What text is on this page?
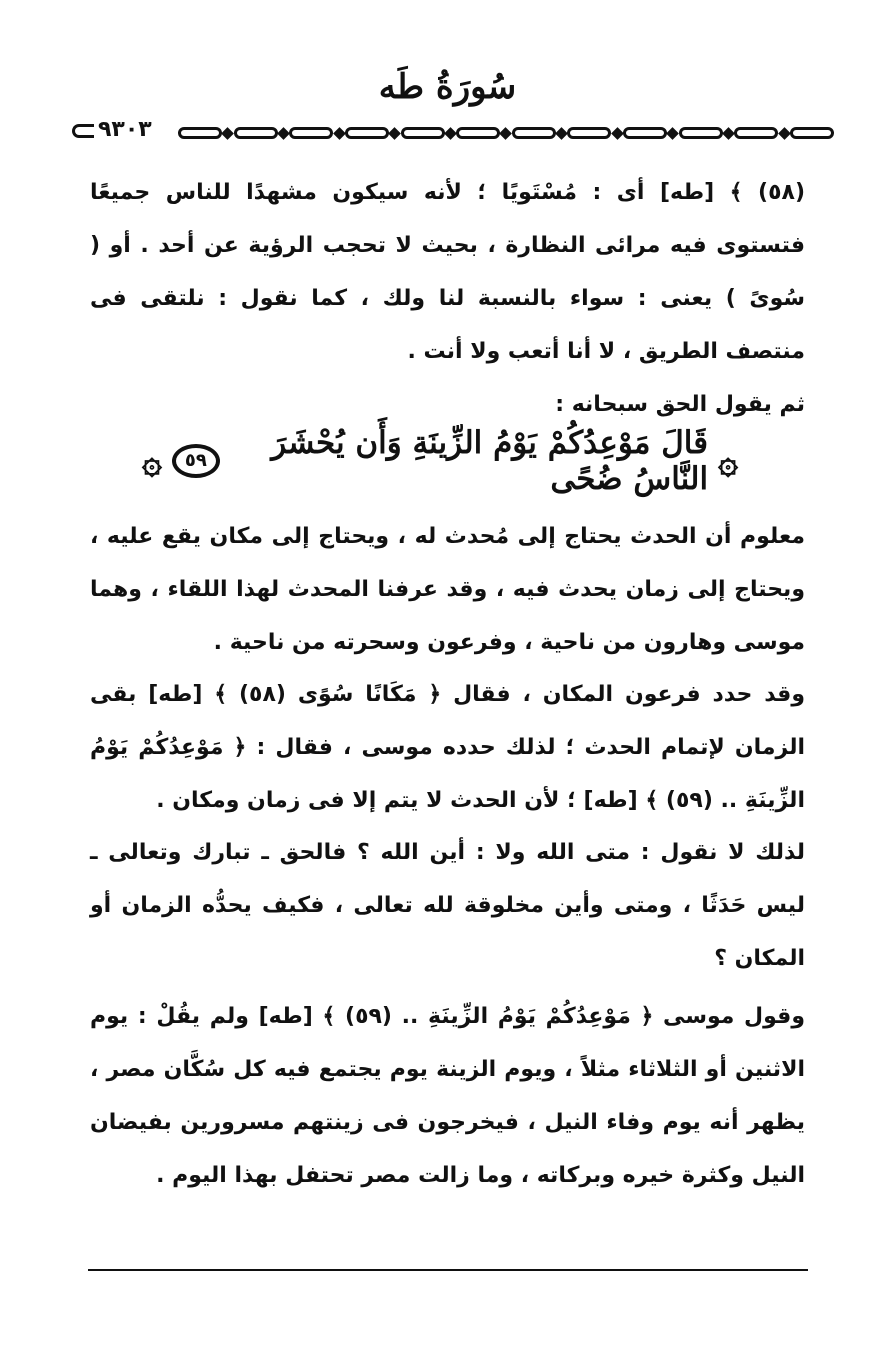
سُورَةُ طَه
٩٣٠٣

(٥٨) ﴾ [طه] أى : مُسْتَويًا ؛ لأنه سيكون مشهدًا للناس جميعًا فتستوى فيه مرائى النظارة ، بحيث لا تحجب الرؤية عن أحد . أو ( سُوىً ) يعنى : سواء بالنسبة لنا ولك ، كما نقول : نلتقى فى منتصف الطريق ، لا أنا أتعب ولا أنت .

ثم يقول الحق سبحانه :

۞
قَالَ مَوْعِدُكُمْ يَوْمُ الزِّينَةِ وَأَن يُحْشَرَ النَّاسُ ضُحًى
٥٩
۞

معلوم أن الحدث يحتاج إلى مُحدث له ، ويحتاج إلى مكان يقع عليه ، ويحتاج إلى زمان يحدث فيه ، وقد عرفنا المحدث لهذا اللقاء ، وهما موسى وهارون من ناحية ، وفرعون وسحرته من ناحية .

وقد حدد فرعون المكان ، فقال ﴿ مَكَانًا سُوًى (٥٨) ﴾ [طه] بقى الزمان لإتمام الحدث ؛ لذلك حدده موسى ، فقال : ﴿ مَوْعِدُكُمْ يَوْمُ الزِّينَةِ .. (٥٩) ﴾ [طه] ؛ لأن الحدث لا يتم إلا فى زمان ومكان .

لذلك لا نقول : متى الله ولا : أين الله ؟ فالحق ـ تبارك وتعالى ـ ليس حَدَثًا ، ومتى وأين مخلوقة لله تعالى ، فكيف يحدُّه الزمان أو المكان ؟

وقول موسى ﴿ مَوْعِدُكُمْ يَوْمُ الزِّينَةِ .. (٥٩) ﴾ [طه] ولم يقُلْ : يوم الاثنين أو الثلاثاء مثلاً ، ويوم الزينة يوم يجتمع فيه كل سُكَّان مصر ، يظهر أنه يوم وفاء النيل ، فيخرجون فى زينتهم مسرورين بفيضان النيل وكثرة خيره وبركاته ، وما زالت مصر تحتفل بهذا اليوم .
